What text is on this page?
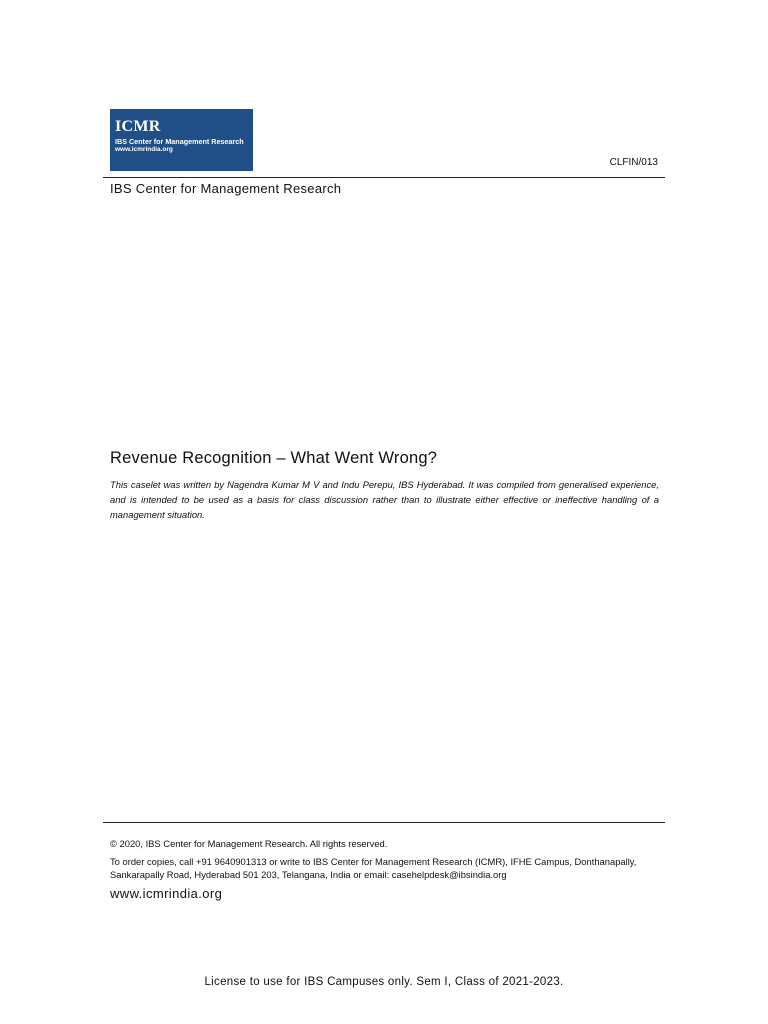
ICMR
IBS Center for Management Research
www.icmrindia.org
CLFIN/013
IBS Center for Management Research
Revenue Recognition – What Went Wrong?
This caselet was written by Nagendra Kumar M V and Indu Perepu, IBS Hyderabad. It was compiled from generalised experience, and is intended to be used as a basis for class discussion rather than to illustrate either effective or ineffective handling of a management situation.
© 2020, IBS Center for Management Research. All rights reserved.
To order copies, call +91 9640901313 or write to IBS Center for Management Research (ICMR), IFHE Campus, Donthanapally, Sankarapally Road, Hyderabad 501 203, Telangana, India or email: casehelpdesk@ibsindia.org
www.icmrindia.org
License to use for IBS Campuses only. Sem I, Class of 2021-2023.
